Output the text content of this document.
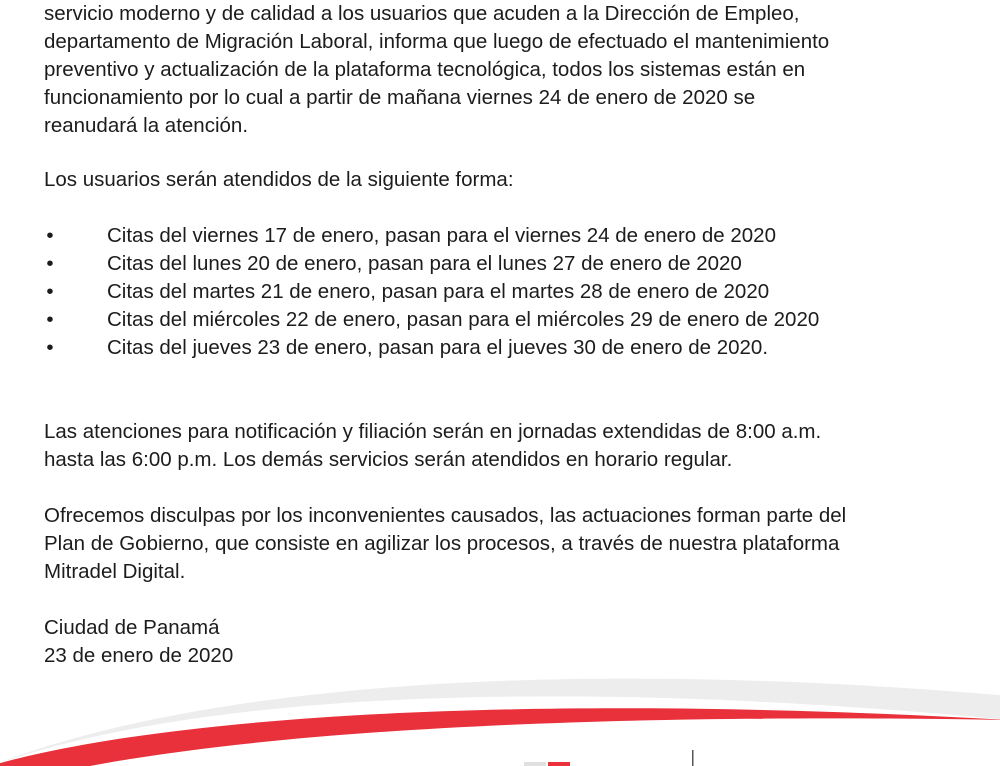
servicio moderno y de calidad a los usuarios que acuden a la Dirección de Empleo,
departamento de Migración Laboral, informa que luego de efectuado el mantenimiento
preventivo y actualización de la plataforma tecnológica, todos los sistemas están en
funcionamiento por lo cual a partir de mañana viernes 24 de enero de 2020 se
reanudará la atención.

Los usuarios serán atendidos de la siguiente forma:

•	Citas del viernes 17 de enero, pasan para el viernes 24 de enero de 2020
•	Citas del lunes 20 de enero, pasan para el lunes 27 de enero de 2020
•	Citas del martes 21 de enero, pasan para el martes 28 de enero de 2020
•	Citas del miércoles 22 de enero, pasan para el miércoles 29 de enero de 2020
•	Citas del jueves 23 de enero, pasan para el jueves 30 de enero de 2020.
Las atenciones para notificación y filiación serán en jornadas extendidas de 8:00 a.m.
hasta las 6:00 p.m. Los demás servicios serán atendidos en horario regular.
Ofrecemos disculpas por los inconvenientes causados, las actuaciones forman parte del
Plan de Gobierno, que consiste en agilizar los procesos, a través de nuestra plataforma
Mitradel Digital.

Ciudad de Panamá

23 de enero de 2020
